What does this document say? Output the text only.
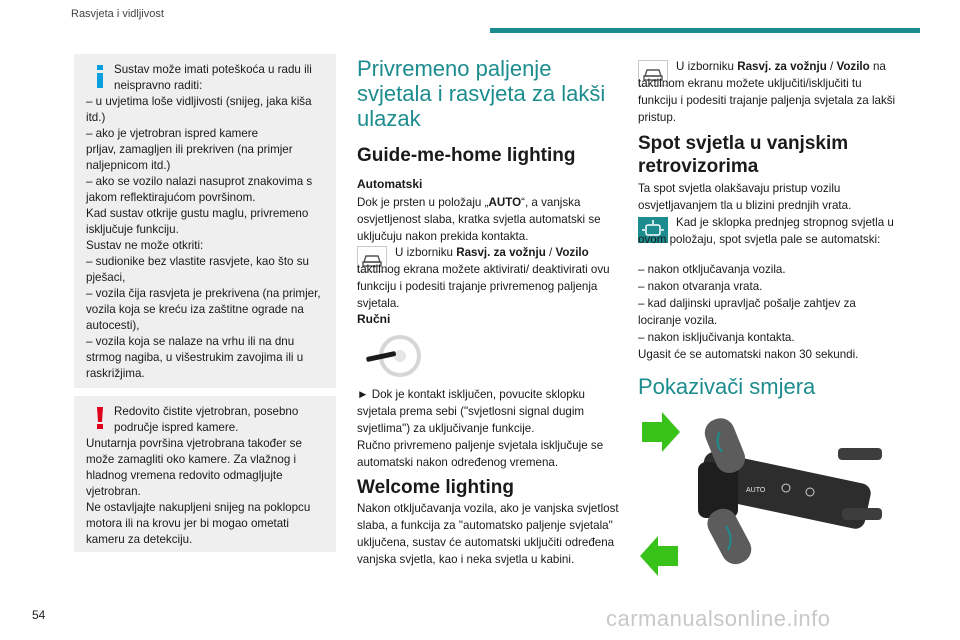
Rasvjeta i vidljivost
Sustav može imati poteškoća u radu ili neispravno raditi:
– u uvjetima loše vidljivosti (snijeg, jaka kiša itd.)
– ako je vjetrobran ispred kamere
prljav, zamagljen ili prekriven (na primjer naljepnicom itd.)
– ako se vozilo nalazi nasuprot znakovima s jakom reflektirajućom površinom.
Kad sustav otkrije gustu maglu, privremeno isključuje funkciju.
Sustav ne može otkriti:
– sudionike bez vlastite rasvjete, kao što su pješaci,
– vozila čija rasvjeta je prekrivena (na primjer, vozila koja se kreću iza zaštitne ograde na autocesti),
– vozila koja se nalaze na vrhu ili na dnu strmog nagiba, u višestrukim zavojima ili u raskrižjima.
Redovito čistite vjetrobran, posebno područje ispred kamere.
Unutarnja površina vjetrobrana također se može zamagliti oko kamere. Za vlažnog i hladnog vremena redovito odmagljujte vjetrobran.
Ne ostavljajte nakupljeni snijeg na poklopcu motora ili na krovu jer bi mogao ometati kameru za detekciju.
Privremeno paljenje svjetala i rasvjeta za lakši ulazak
Guide-me-home lighting
Automatski
Dok je prsten u položaju „AUTO“, a vanjska osvjetljenost slaba, kratka svjetla automatski se uključuju nakon prekida kontakta.
U izborniku Rasvj. za vožnju / Vozilo taktilnog ekrana možete aktivirati/ deaktivirati ovu funkciju i podesiti trajanje privremenog paljenja svjetala.
Ručni
► Dok je kontakt isključen, povucite sklopku svjetala prema sebi ("svjetlosni signal dugim svjetlima") za uključivanje funkcije.
Ručno privremeno paljenje svjetala isključuje se automatski nakon određenog vremena.
Welcome lighting
Nakon otključavanja vozila, ako je vanjska svjetlost slaba, a funkcija za "automatsko paljenje svjetala" uključena, sustav će automatski uključiti određena vanjska svjetla, kao i neka svjetla u kabini.
U izborniku Rasvj. za vožnju / Vozilo na taktilnom ekranu možete uključiti/isključiti tu funkciju i podesiti trajanje paljenja svjetala za lakši pristup.
Spot svjetla u vanjskim retrovizorima
Ta spot svjetla olakšavaju pristup vozilu osvjetljavanjem tla u blizini prednjih vrata.
Kad je sklopka prednjeg stropnog svjetla u ovom položaju, spot svjetla pale se automatski:
– nakon otključavanja vozila.
– nakon otvaranja vrata.
– kad daljinski upravljač pošalje zahtjev za lociranje vozila.
– nakon isključivanja kontakta.
Ugasit će se automatski nakon 30 sekundi.
Pokazivači smjera
AUTO
54	carmanualsonline.info
